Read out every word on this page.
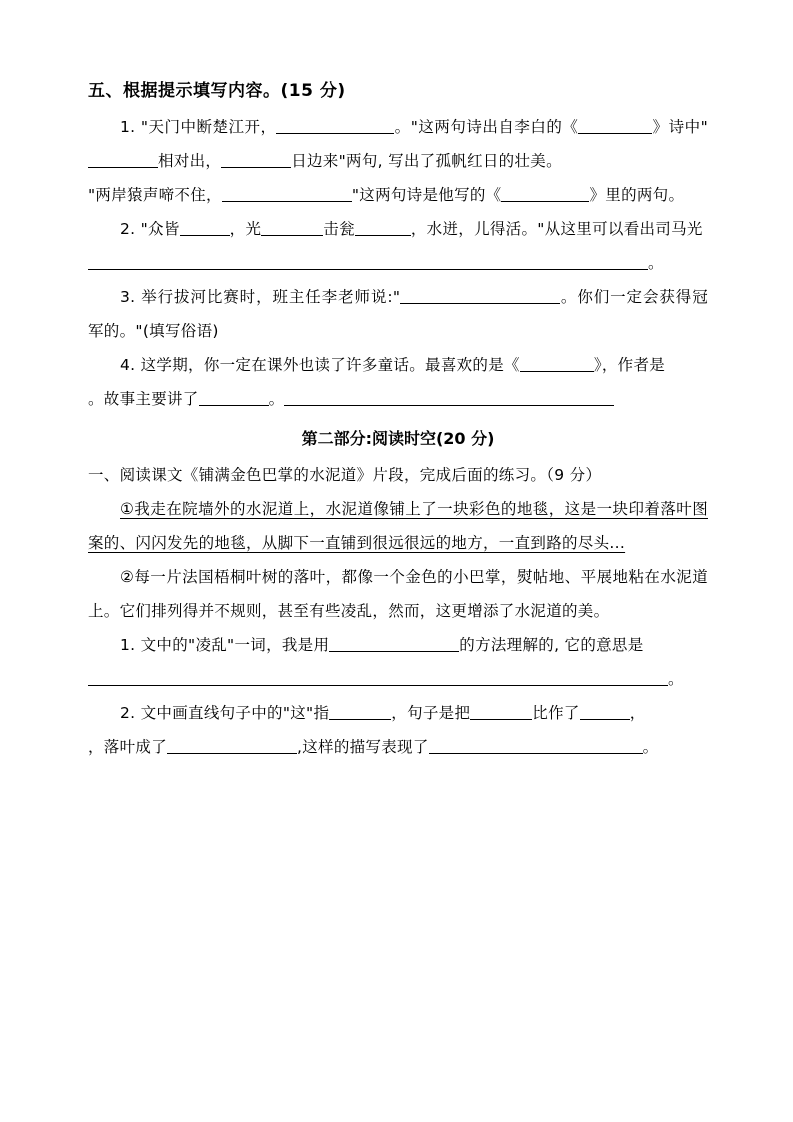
五、根据提示填写内容。(15 分)
1. "天门中断楚江开，	。"这两句诗出自李白的《	》诗中"相对出，	日边来"两句, 写出了孤帆红日的壮美。
"两岸猿声啼不住，	"这两句诗是他写的《	》里的两句。
2. "众皆	，光	击瓮	，水迸，儿得活。"从这里可以看出司马光
。
3. 举行拔河比赛时，班主任李老师说:"	。你们一定会获得冠军的。"(填写俗语)
4. 这学期，你一定在课外也读了许多童话。最喜欢的是《	》，作者是
。故事主要讲了	。
第二部分:阅读时空(20 分)
一、阅读课文《铺满金色巴掌的水泥道》片段，完成后面的练习。（9 分）
①我走在院墙外的水泥道上，水泥道像铺上了一块彩色的地毯，这是一块印着落叶图案的、闪闪发先的地毯，从脚下一直铺到很远很远的地方，一直到路的尽头...
②每一片法国梧桐叶树的落叶，都像一个金色的小巴掌，熨帖地、平展地粘在水泥道上。它们排列得并不规则，甚至有些凌乱，然而，这更增添了水泥道的美。
1. 文中的"凌乱"一词，我是用	的方法理解的, 它的意思是
。
2. 文中画直线句子中的"这"指	，句子是把	比作了	，
，落叶成了	,这样的描写表现了	。
